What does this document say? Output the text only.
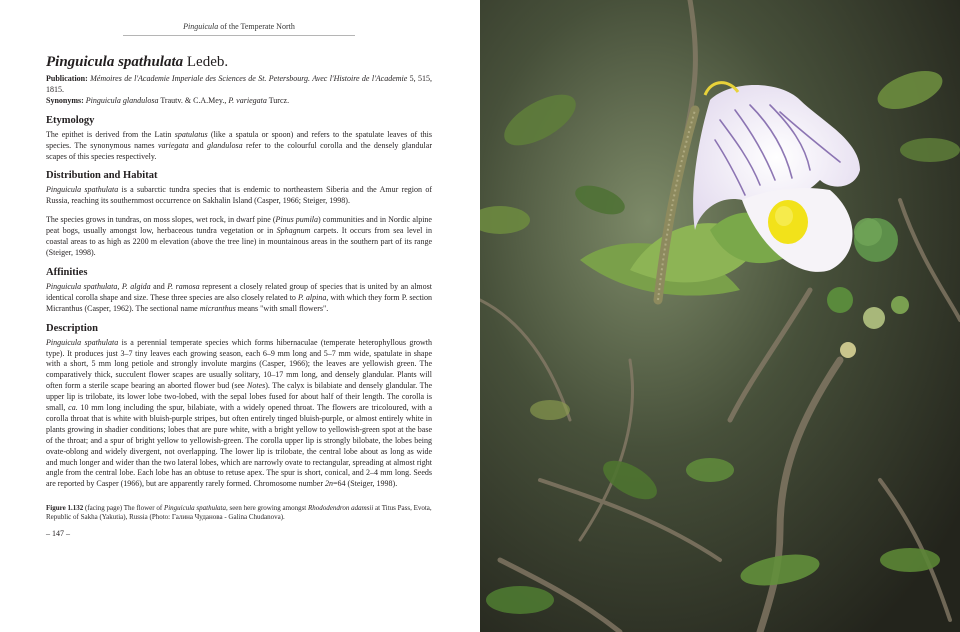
Pinguicula of the Temperate North
Pinguicula spathulata Ledeb.

Publication: Mémoires de l'Academie Imperiale des Sciences de St. Petersbourg. Avec l'Histoire de l'Academie 5, 515, 1815.

Synonyms: Pinguicula glandulosa Trautv. & C.A.Mey., P. variegata Turcz.

Etymology

The epithet is derived from the Latin spatulatus (like a spatula or spoon) and refers to the spatulate leaves of this species. The synonymous names variegata and glandulosa refer to the colourful corolla and the densely glandular scapes of this species respectively.

Distribution and Habitat

Pinguicula spathulata is a subarctic tundra species that is endemic to northeastern Siberia and the Amur region of Russia, reaching its southernmost occurrence on Sakhalin Island (Casper, 1966; Steiger, 1998).

The species grows in tundras, on moss slopes, wet rock, in dwarf pine (Pinus pumila) communities and in Nordic alpine peat bogs, usually amongst low, herbaceous tundra vegetation or in Sphagnum carpets. It occurs from sea level in coastal areas to as high as 2200 m elevation (above the tree line) in mountainous areas in the southern part of its range (Steiger, 1998).

Affinities

Pinguicula spathulata, P. algida and P. ramosa represent a closely related group of species that is united by an almost identical corolla shape and size. These three species are also closely related to P. alpina, with which they form P. section Micranthus (Casper, 1962). The sectional name micranthus means "with small flowers".

Description

Pinguicula spathulata is a perennial temperate species which forms hibernaculae (temperate heterophyllous growth type). It produces just 3–7 tiny leaves each growing season, each 6–9 mm long and 5–7 mm wide, spatulate in shape with a short, 5 mm long petiole and strongly involute margins (Casper, 1966); the leaves are yellowish green. The comparatively thick, succulent flower scapes are usually solitary, 10–17 mm long, and densely glandular. Plants will often form a sterile scape bearing an aborted flower bud (see Notes). The calyx is bilabiate and densely glandular. The upper lip is trilobate, its lower lobe two-lobed, with the sepal lobes fused for about half of their length. The corolla is small, ca. 10 mm long including the spur, bilabiate, with a widely opened throat. The flowers are tricoloured, with a corolla throat that is white with bluish-purple stripes, but often entirely tinged bluish-purple, or almost entirely white in plants growing in shadier conditions; lobes that are pure white, with a bright yellow to yellowish-green spot at the base of the throat; and a spur of bright yellow to yellowish-green. The corolla upper lip is strongly bilobate, the lobes being ovate-oblong and widely divergent, not overlapping. The lower lip is trilobate, the central lobe about as long as wide and much longer and wider than the two lateral lobes, which are narrowly ovate to rectangular, spreading at almost right angle from the central lobe. Each lobe has an obtuse to retuse apex. The spur is short, conical, and 2–4 mm long. Seeds are reported by Casper (1966), but are apparently rarely formed. Chromosome number 2n=64 (Steiger, 1998).

Figure 1.132 (facing page) The flower of Pinguicula spathulata, seen here growing amongst Rhododendron adamsii at Titus Pass, Evota, Republic of Sakha (Yakutia), Russia (Photo: Галина Чуданова - Galina Chudanova).

– 147 –
